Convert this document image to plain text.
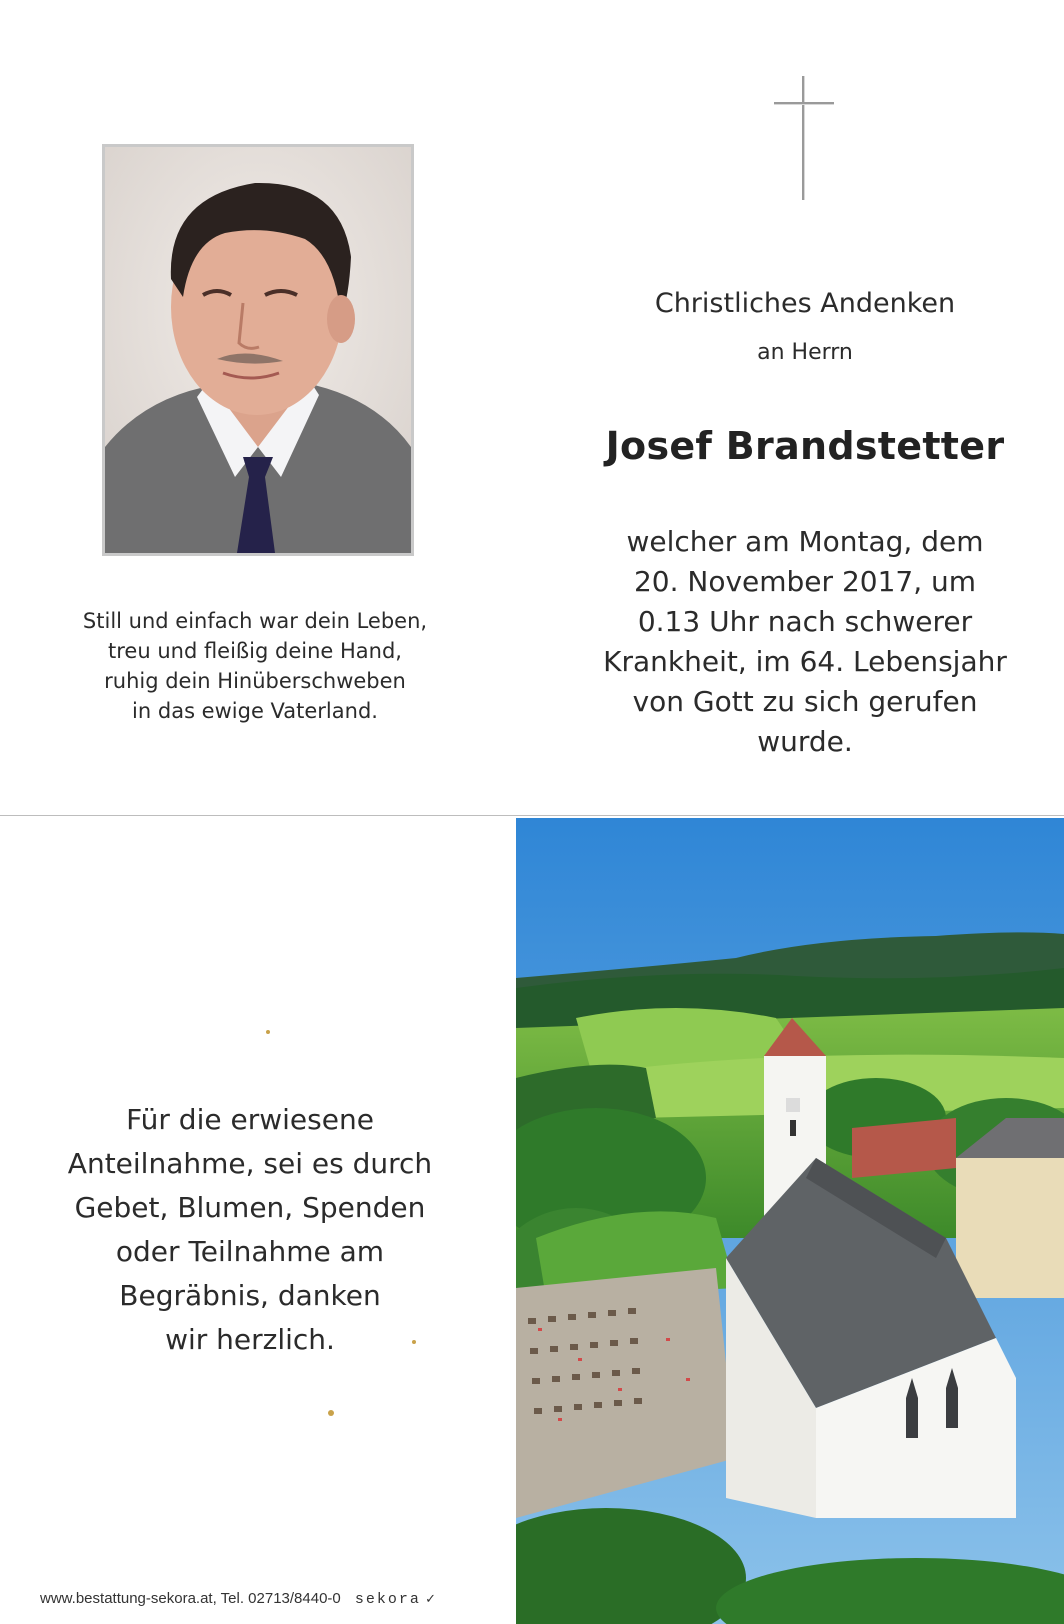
Still und einfach war dein Leben,
treu und fleißig deine Hand,
ruhig dein Hinüberschweben
in das ewige Vaterland.
Christliches Andenken
an Herrn
Josef Brandstetter
welcher am Montag, dem
20. November 2017, um
0.13 Uhr nach schwerer
Krankheit, im 64. Lebensjahr
von Gott zu sich gerufen
wurde.
Für die erwiesene
Anteilnahme, sei es durch
Gebet, Blumen, Spenden
oder Teilnahme am
Begräbnis, danken
wir herzlich.
www.bestattung-sekora.at, Tel. 02713/8440-0 sekora ✓
